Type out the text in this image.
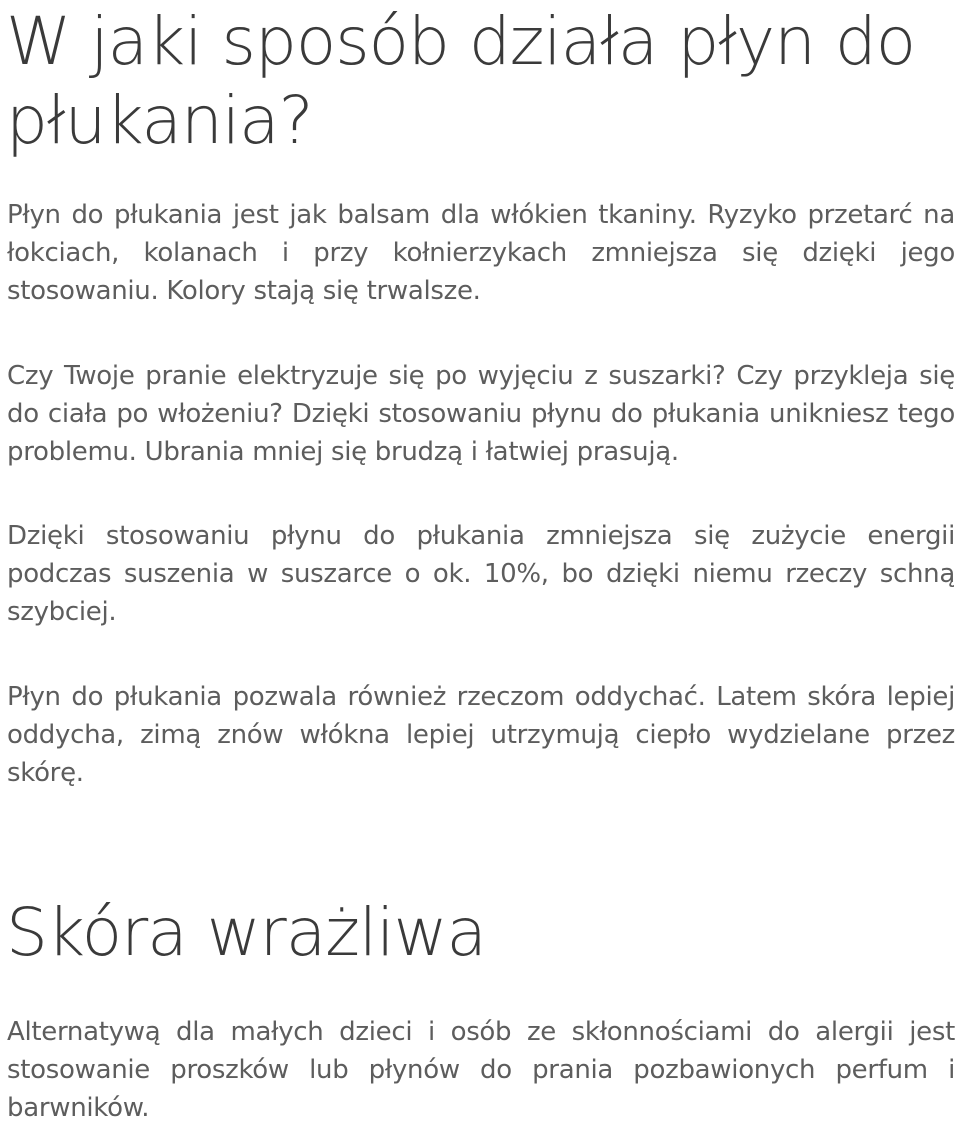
W jaki sposób działa płyn do płukania?

Płyn do płukania jest jak balsam dla włókien tkaniny. Ryzyko przetarć na łokciach, kolanach i przy kołnierzykach zmniejsza się dzięki jego stosowaniu. Kolory stają się trwalsze.

Czy Twoje pranie elektryzuje się po wyjęciu z suszarki? Czy przykleja się do ciała po włożeniu? Dzięki stosowaniu płynu do płukania unikniesz tego problemu. Ubrania mniej się brudzą i łatwiej prasują.

Dzięki stosowaniu płynu do płukania zmniejsza się zużycie energii podczas suszenia w suszarce o ok. 10%, bo dzięki niemu rzeczy schną szybciej.

Płyn do płukania pozwala również rzeczom oddychać. Latem skóra lepiej oddycha, zimą znów włókna lepiej utrzymują ciepło wydzielane przez skórę.

Skóra wrażliwa

Alternatywą dla małych dzieci i osób ze skłonnościami do alergii jest stosowanie proszków lub płynów do prania pozbawionych perfum i barwników.
